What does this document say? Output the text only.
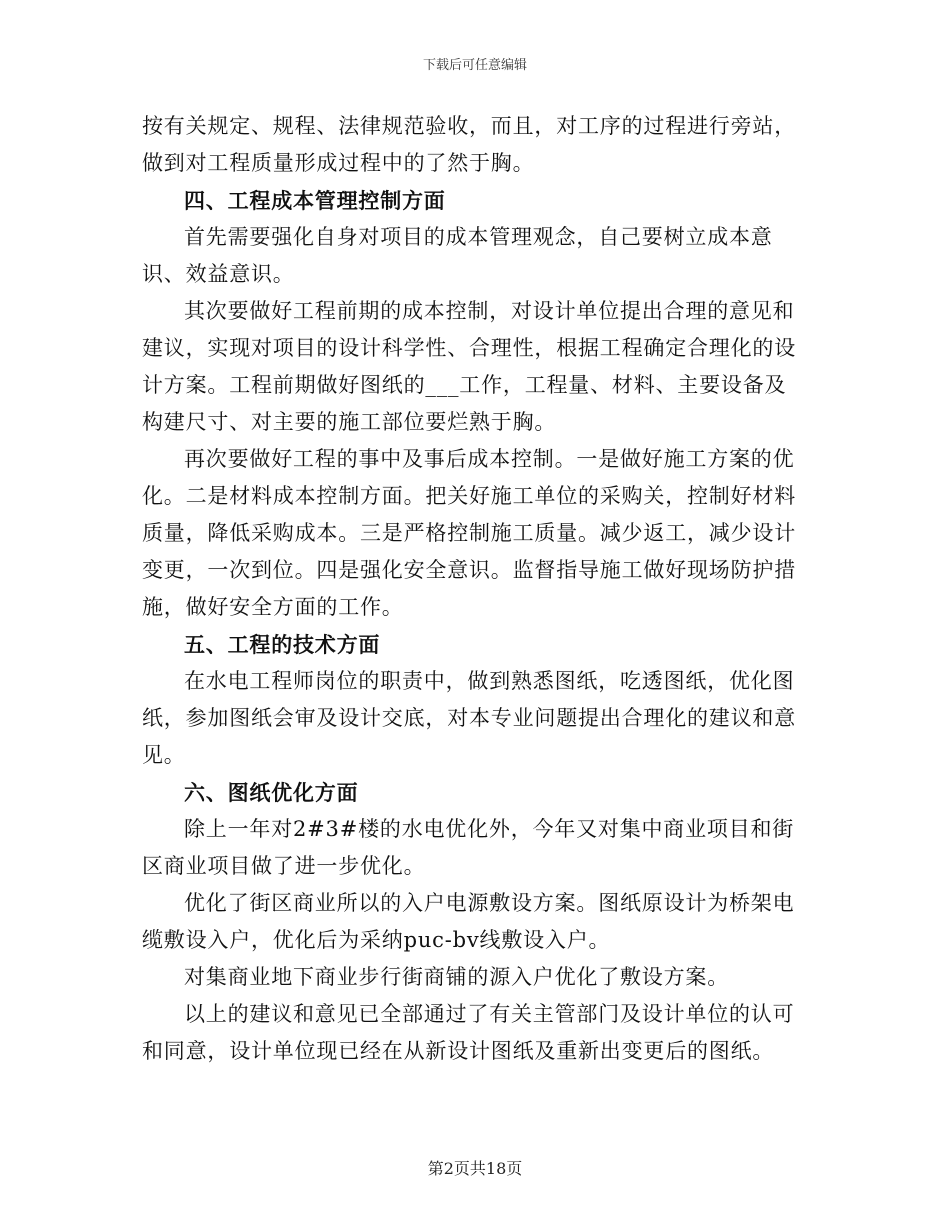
下载后可任意编辑

按有关规定、规程、法律规范验收，而且，对工序的过程进行旁站，做到对工程质量形成过程中的了然于胸。

四、工程成本管理控制方面

首先需要强化自身对项目的成本管理观念，自己要树立成本意识、效益意识。

其次要做好工程前期的成本控制，对设计单位提出合理的意见和建议，实现对项目的设计科学性、合理性，根据工程确定合理化的设计方案。工程前期做好图纸的___工作，工程量、材料、主要设备及构建尺寸、对主要的施工部位要烂熟于胸。

再次要做好工程的事中及事后成本控制。一是做好施工方案的优化。二是材料成本控制方面。把关好施工单位的采购关，控制好材料质量，降低采购成本。三是严格控制施工质量。减少返工，减少设计变更，一次到位。四是强化安全意识。监督指导施工做好现场防护措施，做好安全方面的工作。

五、工程的技术方面

在水电工程师岗位的职责中，做到熟悉图纸，吃透图纸，优化图纸，参加图纸会审及设计交底，对本专业问题提出合理化的建议和意见。

六、图纸优化方面

除上一年对2#3#楼的水电优化外，今年又对集中商业项目和街区商业项目做了进一步优化。

优化了街区商业所以的入户电源敷设方案。图纸原设计为桥架电缆敷设入户，优化后为采纳puc-bv线敷设入户。

对集商业地下商业步行街商铺的源入户优化了敷设方案。

以上的建议和意见已全部通过了有关主管部门及设计单位的认可和同意，设计单位现已经在从新设计图纸及重新出变更后的图纸。

第2页共18页
